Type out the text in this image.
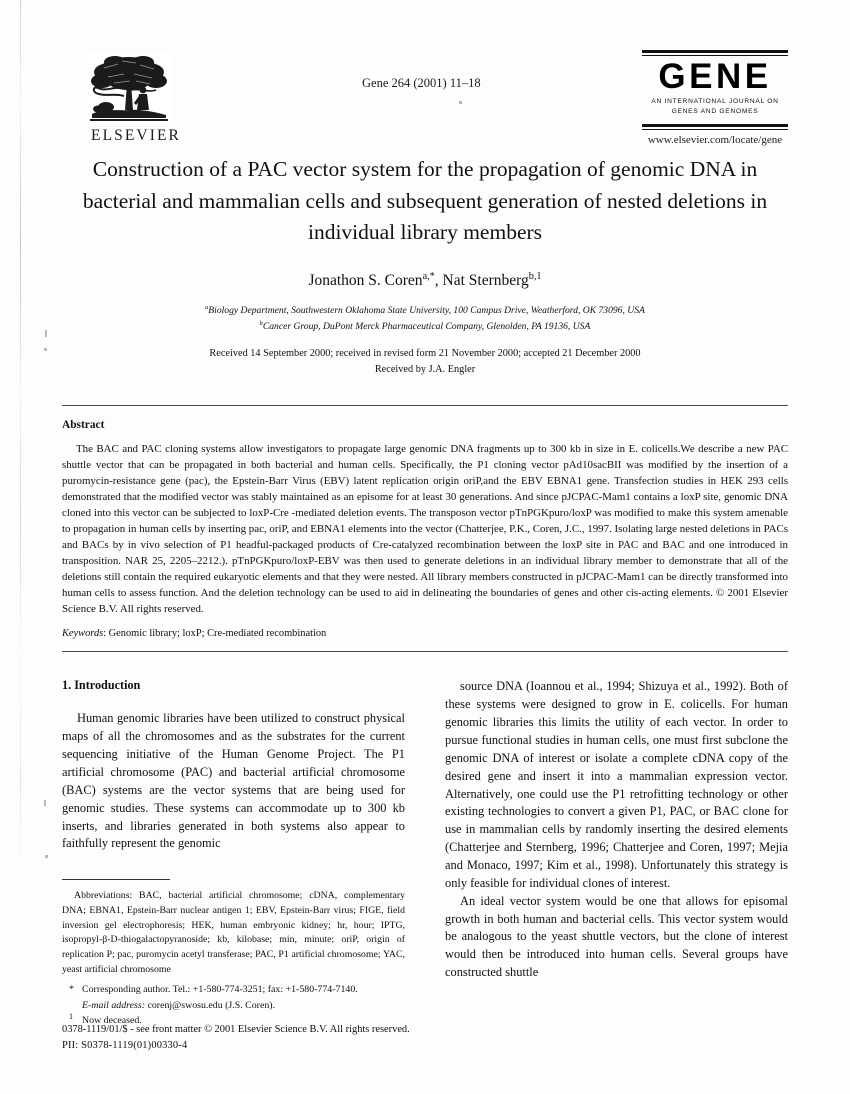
ELSEVIER
Gene 264 (2001) 11–18	GENE
AN INTERNATIONAL JOURNAL ON
GENES AND GENOMES
www.elsevier.com/locate/gene
Construction of a PAC vector system for the propagation of genomic DNA in bacterial and mammalian cells and subsequent generation of nested deletions in individual library members
Jonathon S. Coren$^{a,*}$, Nat Sternberg$^{b,1}$
$^a$Biology Department, Southwestern Oklahoma State University, 100 Campus Drive, Weatherford, OK 73096, USA
$^b$Cancer Group, DuPont Merck Pharmaceutical Company, Glenolden, PA 19136, USA
Received 14 September 2000; received in revised form 21 November 2000; accepted 21 December 2000
Received by J.A. Engler
Abstract
The BAC and PAC cloning systems allow investigators to propagate large genomic DNA fragments up to 300 kb in size in E. colicells.We describe a new PAC shuttle vector that can be propagated in both bacterial and human cells. Specifically, the P1 cloning vector pAd10sacBII was modified by the insertion of a puromycin-resistance gene (pac), the Epstein-Barr Virus (EBV) latent replication origin oriP,and the EBV EBNA1 gene. Transfection studies in HEK 293 cells demonstrated that the modified vector was stably maintained as an episome for at least 30 generations. And since pJCPAC-Mam1 contains a loxP site, genomic DNA cloned into this vector can be subjected to loxP-Cre -mediated deletion events. The transposon vector pTnPGKpuro/loxP was modified to make this system amenable to propagation in human cells by inserting pac, oriP, and EBNA1 elements into the vector (Chatterjee, P.K., Coren, J.C., 1997. Isolating large nested deletions in PACs and BACs by in vivo selection of P1 headful-packaged products of Cre-catalyzed recombination between the loxP site in PAC and BAC and one introduced in transposition. NAR 25, 2205–2212.). pTnPGKpuro/loxP-EBV was then used to generate deletions in an individual library member to demonstrate that all of the deletions still contain the required eukaryotic elements and that they were nested. All library members constructed in pJCPAC-Mam1 can be directly transformed into human cells to assess function. And the deletion technology can be used to aid in delineating the boundaries of genes and other cis-acting elements. © 2001 Elsevier Science B.V. All rights reserved.
Keywords: Genomic library; loxP; Cre-mediated recombination
1. Introduction

Human genomic libraries have been utilized to construct physical maps of all the chromosomes and as the substrates for the current sequencing initiative of the Human Genome Project. The P1 artificial chromosome (PAC) and bacterial artificial chromosome (BAC) systems are the vector systems that are being used for genomic studies. These systems can accommodate up to 300 kb inserts, and libraries generated in both systems also appear to faithfully represent the genomic

Abbreviations: BAC, bacterial artificial chromosome; cDNA, complementary DNA; EBNA1, Epstein-Barr nuclear antigen 1; EBV, Epstein-Barr virus; FIGE, field inversion gel electrophoresis; HEK, human embryonic kidney; hr, hour; IPTG, isopropyl-β-D-thiogalactopyranoside; kb, kilobase; min, minute; oriP, origin of replication P; pac, puromycin acetyl transferase; PAC, P1 artificial chromosome; YAC, yeast artificial chromosome

* Corresponding author. Tel.: +1-580-774-3251; fax: +1-580-774-7140.
E-mail address: corenj@swosu.edu (J.S. Coren).
1 Now deceased.

source DNA (Ioannou et al., 1994; Shizuya et al., 1992). Both of these systems were designed to grow in E. colicells. For human genomic libraries this limits the utility of each vector. In order to pursue functional studies in human cells, one must first subclone the genomic DNA of interest or isolate a complete cDNA copy of the desired gene and insert it into a mammalian expression vector. Alternatively, one could use the P1 retrofitting technology or other existing technologies to convert a given P1, PAC, or BAC clone for use in mammalian cells by randomly inserting the desired elements (Chatterjee and Sternberg, 1996; Chatterjee and Coren, 1997; Mejia and Monaco, 1997; Kim et al., 1998). Unfortunately this strategy is only feasible for individual clones of interest.

An ideal vector system would be one that allows for episomal growth in both human and bacterial cells. This vector system would be analogous to the yeast shuttle vectors, but the clone of interest would then be introduced into human cells. Several groups have constructed shuttle

0378-1119/01/$ - see front matter © 2001 Elsevier Science B.V. All rights reserved.
PII: S0378-1119(01)00330-4
